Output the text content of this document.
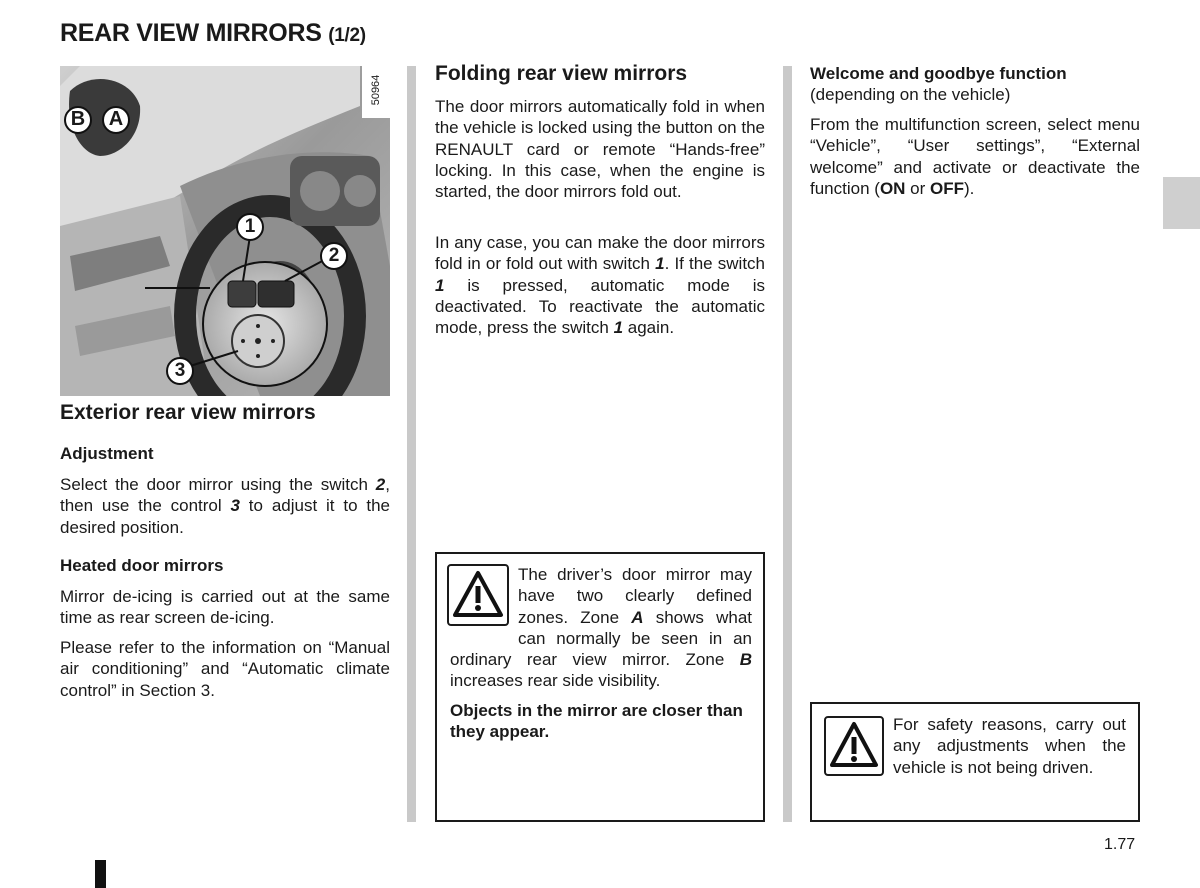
REAR VIEW MIRRORS (1/2)
50964
A
B
1
2
3
Exterior rear view mirrors
Adjustment
Select the door mirror using the switch 2, then use the control 3 to adjust it to the desired position.
Heated door mirrors
Mirror de-icing is carried out at the same time as rear screen de-icing.
Please refer to the information on “Manual air conditioning” and “Automatic climate control” in Section 3.
Folding rear view mirrors
The door mirrors automatically fold in when the vehicle is locked using the button on the RENAULT card or remote “Hands-free” locking. In this case, when the engine is started, the door mirrors fold out.
In any case, you can make the door mirrors fold in or fold out with switch 1. If the switch 1 is pressed, automatic mode is deactivated. To reactivate the automatic mode, press the switch 1 again.
The driver’s door mirror may have two clearly defined zones. Zone A shows what can normally be seen in an ordinary rear view mirror. Zone B increases rear side visibility.
Objects in the mirror are closer than they appear.
Welcome and goodbye function
(depending on the vehicle)
From the multifunction screen, select menu “Vehicle”, “User settings”, “External welcome” and activate or deactivate the function (ON or OFF).
For safety reasons, carry out any adjustments when the vehicle is not being driven.
1.77
